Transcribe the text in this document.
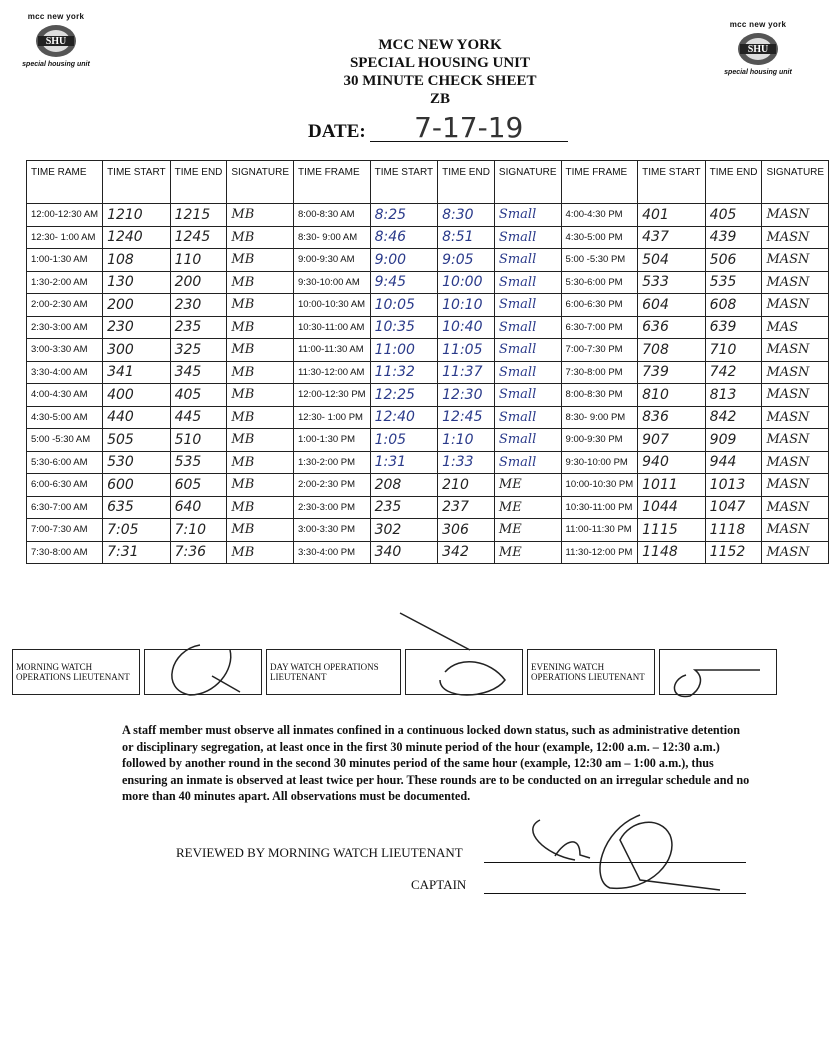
mcc new york
SHU
special housing unit
mcc new york
SHU
special housing unit
MCC NEW YORK
SPECIAL HOUSING UNIT
30 MINUTE CHECK SHEET
ZB
DATE: 7-17-19
TIME RAME	TIME START	TIME END	SIGNATURE	TIME FRAME	TIME START	TIME END	SIGNATURE	TIME FRAME	TIME START	TIME END	SIGNATURE
12:00-12:30 AM	1210	1215	MB	8:00-8:30 AM	8:25	8:30	Small	4:00-4:30 PM	401	405	MASN
12:30- 1:00 AM	1240	1245	MB	8:30- 9:00 AM	8:46	8:51	Small	4:30-5:00 PM	437	439	MASN
1:00-1:30 AM	108	110	MB	9:00-9:30 AM	9:00	9:05	Small	5:00 -5:30 PM	504	506	MASN
1:30-2:00 AM	130	200	MB	9:30-10:00 AM	9:45	10:00	Small	5:30-6:00 PM	533	535	MASN
2:00-2:30 AM	200	230	MB	10:00-10:30 AM	10:05	10:10	Small	6:00-6:30 PM	604	608	MASN
2:30-3:00 AM	230	235	MB	10:30-11:00 AM	10:35	10:40	Small	6:30-7:00 PM	636	639	MAS
3:00-3:30 AM	300	325	MB	11:00-11:30 AM	11:00	11:05	Small	7:00-7:30 PM	708	710	MASN
3:30-4:00 AM	341	345	MB	11:30-12:00 AM	11:32	11:37	Small	7:30-8:00 PM	739	742	MASN
4:00-4:30 AM	400	405	MB	12:00-12:30 PM	12:25	12:30	Small	8:00-8:30 PM	810	813	MASN
4:30-5:00 AM	440	445	MB	12:30- 1:00 PM	12:40	12:45	Small	8:30- 9:00 PM	836	842	MASN
5:00 -5:30 AM	505	510	MB	1:00-1:30 PM	1:05	1:10	Small	9:00-9:30 PM	907	909	MASN
5:30-6:00 AM	530	535	MB	1:30-2:00 PM	1:31	1:33	Small	9:30-10:00 PM	940	944	MASN
6:00-6:30 AM	600	605	MB	2:00-2:30 PM	208	210	ME	10:00-10:30 PM	1011	1013	MASN
6:30-7:00 AM	635	640	MB	2:30-3:00 PM	235	237	ME	10:30-11:00 PM	1044	1047	MASN
7:00-7:30 AM	7:05	7:10	MB	3:00-3:30 PM	302	306	ME	11:00-11:30 PM	1115	1118	MASN
7:30-8:00 AM	7:31	7:36	MB	3:30-4:00 PM	340	342	ME	11:30-12:00 PM	1148	1152	MASN
MORNING WATCH OPERATIONS LIEUTENANT				DAY WATCH OPERATIONS LIEUTENANT				EVENING WATCH OPERATIONS LIEUTENANT		
A staff member must observe all inmates confined in a continuous locked down status, such as administrative detention or disciplinary segregation, at least once in the first 30 minute period of the hour (example, 12:00 a.m. – 12:30 a.m.) followed by another round in the second 30 minutes period of the same hour (example, 12:30 am – 1:00 a.m.), thus ensuring an inmate is observed at least twice per hour. These rounds are to be conducted on an irregular schedule and no more than 40 minutes apart. All observations must be documented.
REVIEWED BY MORNING WATCH LIEUTENANT
CAPTAIN
